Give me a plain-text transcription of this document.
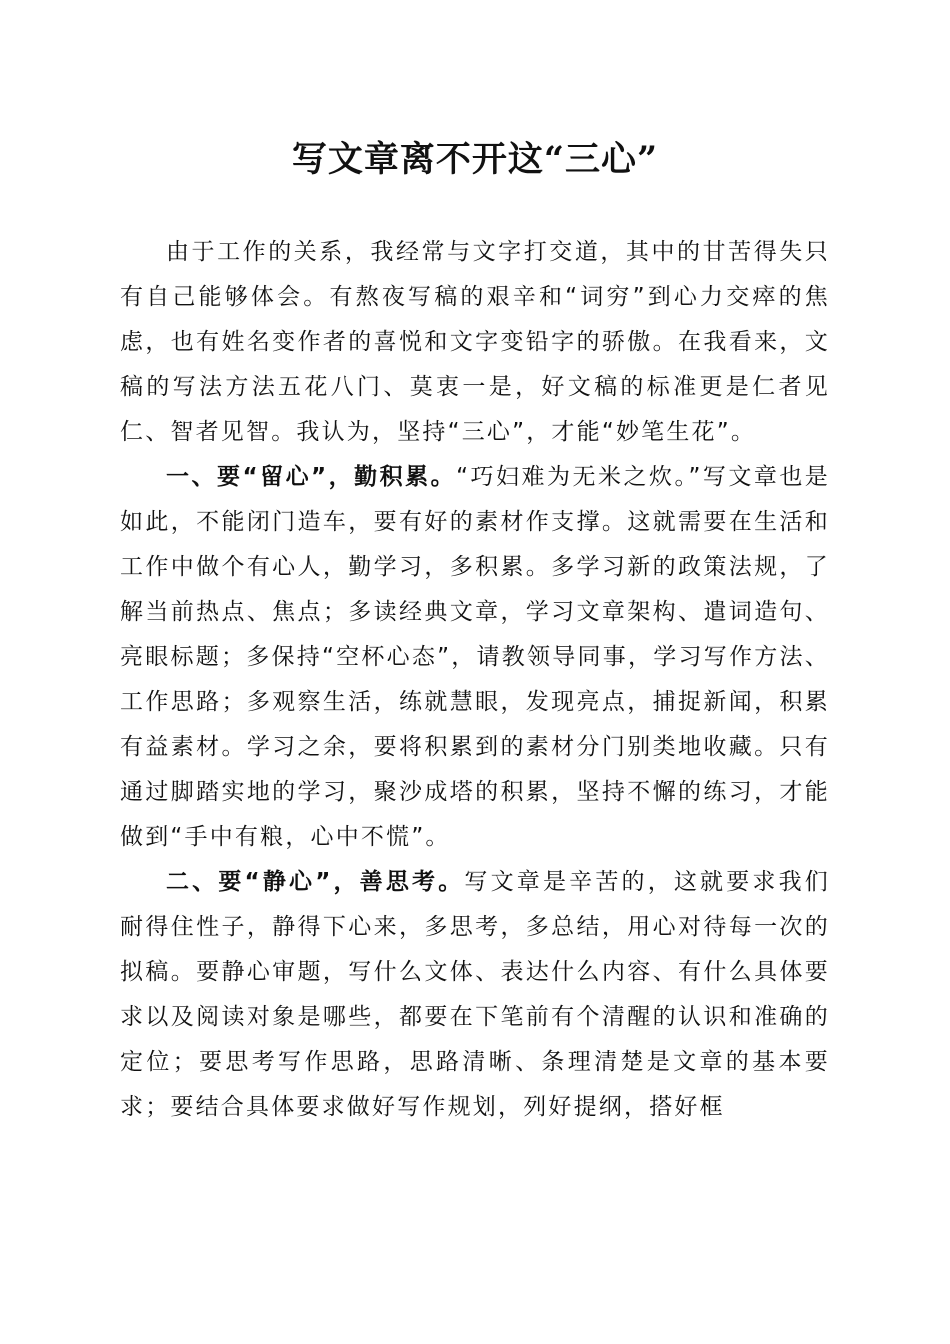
写文章离不开这“三心”

由于工作的关系，我经常与文字打交道，其中的甘苦得失只有自己能够体会。有熬夜写稿的艰辛和“词穷”到心力交瘁的焦虑，也有姓名变作者的喜悦和文字变铅字的骄傲。在我看来，文稿的写法方法五花八门、莫衷一是，好文稿的标准更是仁者见仁、智者见智。我认为，坚持“三心”，才能“妙笔生花”。

一、要“留心”，勤积累。“巧妇难为无米之炊。”写文章也是如此，不能闭门造车，要有好的素材作支撑。这就需要在生活和工作中做个有心人，勤学习，多积累。多学习新的政策法规，了解当前热点、焦点；多读经典文章，学习文章架构、遣词造句、亮眼标题；多保持“空杯心态”，请教领导同事，学习写作方法、工作思路；多观察生活，练就慧眼，发现亮点，捕捉新闻，积累有益素材。学习之余，要将积累到的素材分门别类地收藏。只有通过脚踏实地的学习，聚沙成塔的积累，坚持不懈的练习，才能做到“手中有粮，心中不慌”。

二、要“静心”，善思考。写文章是辛苦的，这就要求我们耐得住性子，静得下心来，多思考，多总结，用心对待每一次的拟稿。要静心审题，写什么文体、表达什么内容、有什么具体要求以及阅读对象是哪些，都要在下笔前有个清醒的认识和准确的定位；要思考写作思路，思路清晰、条理清楚是文章的基本要求；要结合具体要求做好写作规划，列好提纲，搭好框
